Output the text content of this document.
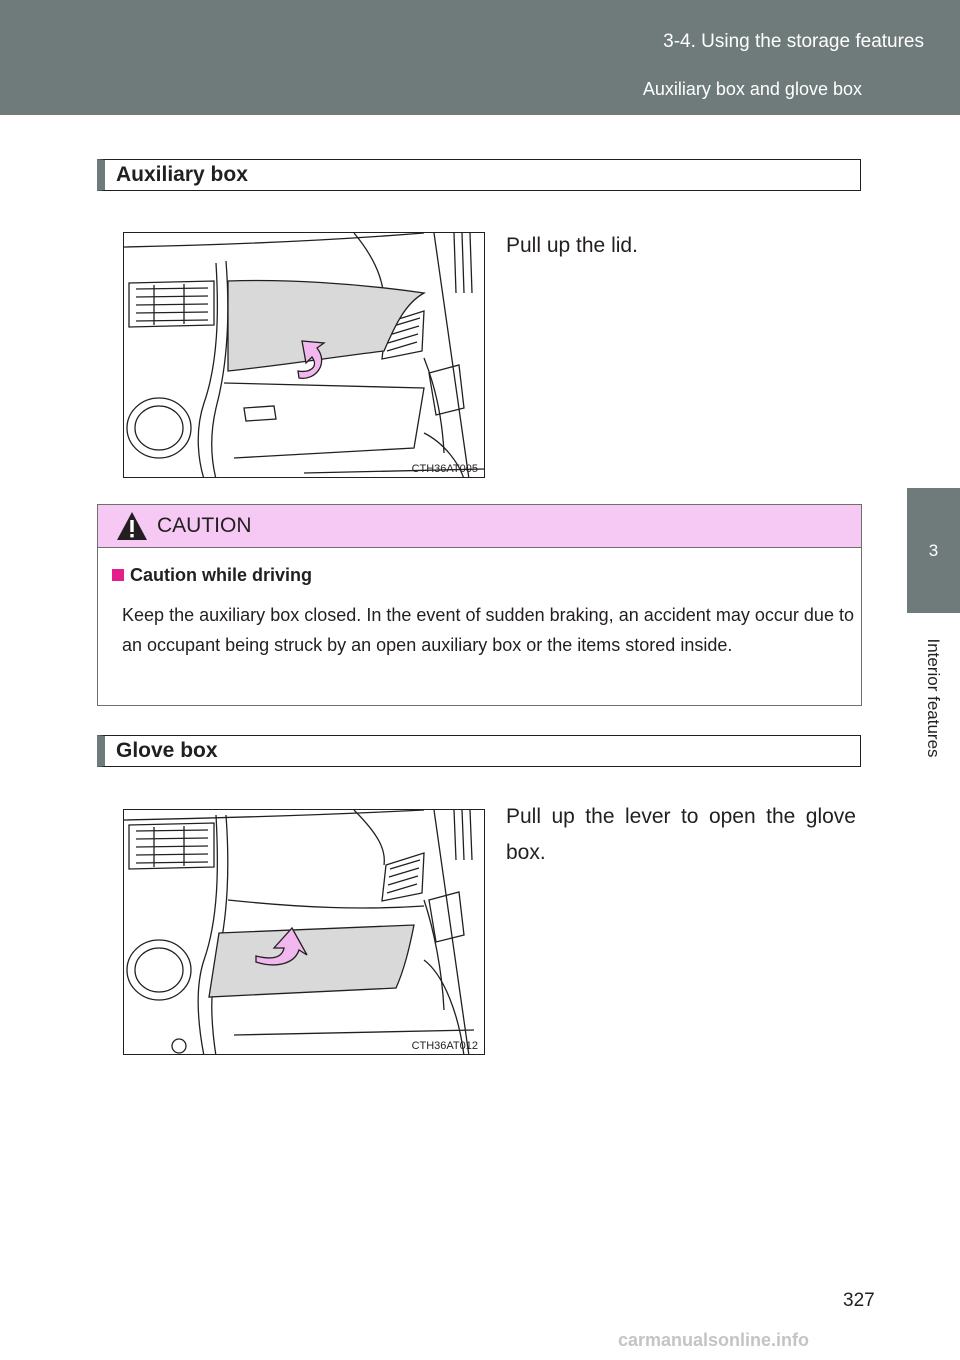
3-4. Using the storage features
Auxiliary box and glove box
3
Interior features
Auxiliary box
CTH36AT005
Pull up the lid.
CAUTION
Caution while driving
Keep the auxiliary box closed. In the event of sudden braking, an accident may occur due to an occupant being struck by an open auxiliary box or the items stored inside.
Glove box
CTH36AT012
Pull up the lever to open the glove box.
327
carmanualsonline.info
